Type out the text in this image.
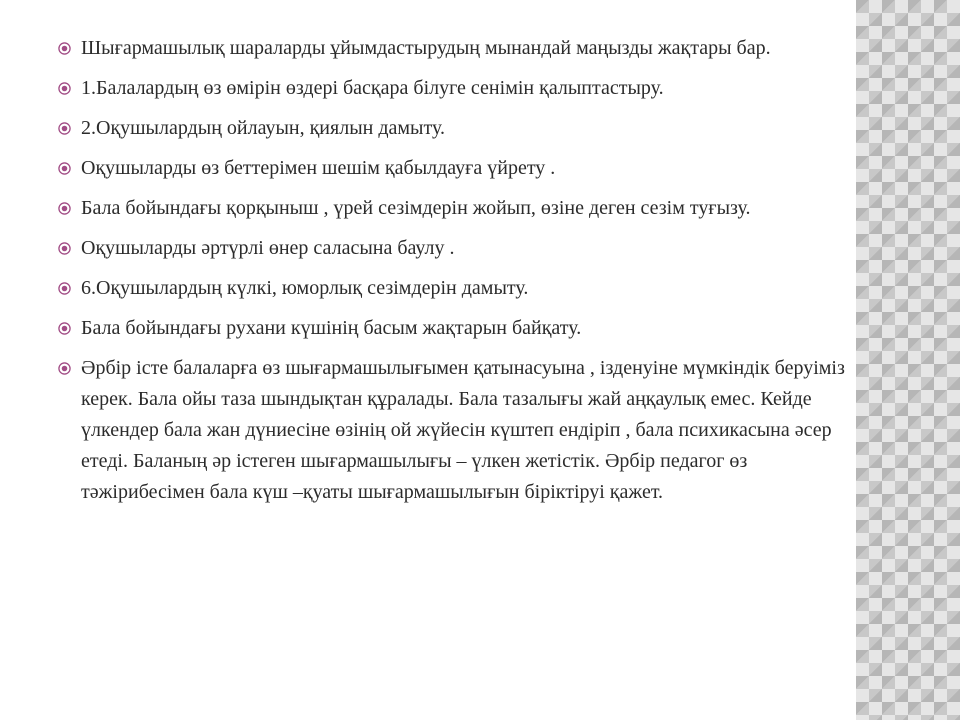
Шығармашылық шараларды ұйымдастырудың мынандай маңызды жақтары бар.
1.Балалардың өз өмірін өздері басқара білуге сенімін қалыптастыру.
2.Оқушылардың ойлауын, қиялын дамыту.
Оқушыларды өз беттерімен шешім қабылдауға үйрету .
Бала бойындағы қорқыныш , үрей сезімдерін жойып, өзіне деген сезім туғызу.
Оқушыларды әртүрлі өнер саласына баулу .
6.Оқушылардың күлкі, юморлық сезімдерін дамыту.
Бала бойындағы рухани күшінің басым жақтарын байқату.
Әрбір істе балаларға өз шығармашылығымен қатынасуына , ізденуіне мүмкіндік беруіміз керек. Бала ойы таза шындықтан құралады. Бала тазалығы жай аңқаулық емес. Кейде үлкендер бала жан дүниесіне өзінің ой жүйесін күштеп ендіріп , бала психикасына әсер етеді. Баланың әр істеген шығармашылығы – үлкен жетістік. Әрбір педагог өз тәжірибесімен бала күш –қуаты шығармашылығын біріктіруі қажет.
